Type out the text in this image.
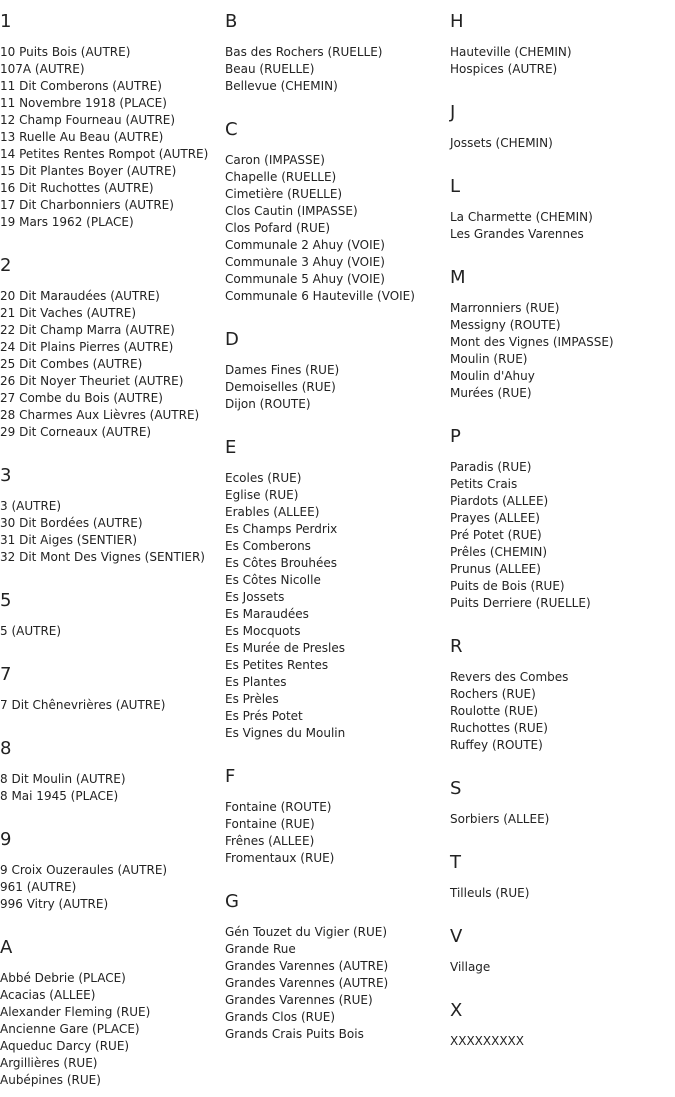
1
10 Puits Bois (AUTRE)
107A (AUTRE)
11 Dit Comberons (AUTRE)
11 Novembre 1918 (PLACE)
12 Champ Fourneau (AUTRE)
13 Ruelle Au Beau (AUTRE)
14 Petites Rentes Rompot (AUTRE)
15 Dit Plantes Boyer (AUTRE)
16 Dit Ruchottes (AUTRE)
17 Dit Charbonniers (AUTRE)
19 Mars 1962 (PLACE)
2
20 Dit Maraudées (AUTRE)
21 Dit Vaches (AUTRE)
22 Dit Champ Marra (AUTRE)
24 Dit Plains Pierres (AUTRE)
25 Dit Combes (AUTRE)
26 Dit Noyer Theuriet (AUTRE)
27 Combe du Bois (AUTRE)
28 Charmes Aux Lièvres (AUTRE)
29 Dit Corneaux (AUTRE)
3
3 (AUTRE)
30 Dit Bordées (AUTRE)
31 Dit Aiges (SENTIER)
32 Dit Mont Des Vignes (SENTIER)
5
5 (AUTRE)
7
7 Dit Chênevrières (AUTRE)
8
8 Dit Moulin (AUTRE)
8 Mai 1945 (PLACE)
9
9 Croix Ouzeraules (AUTRE)
961 (AUTRE)
996 Vitry (AUTRE)
A
Abbé Debrie (PLACE)
Acacias (ALLEE)
Alexander Fleming (RUE)
Ancienne Gare (PLACE)
Aqueduc Darcy (RUE)
Argillières (RUE)
Aubépines (RUE)
B
Bas des Rochers (RUELLE)
Beau (RUELLE)
Bellevue (CHEMIN)
C
Caron (IMPASSE)
Chapelle (RUELLE)
Cimetière (RUELLE)
Clos Cautin (IMPASSE)
Clos Pofard (RUE)
Communale 2 Ahuy (VOIE)
Communale 3 Ahuy (VOIE)
Communale 5 Ahuy (VOIE)
Communale 6 Hauteville (VOIE)
D
Dames Fines (RUE)
Demoiselles (RUE)
Dijon (ROUTE)
E
Ecoles (RUE)
Eglise (RUE)
Erables (ALLEE)
Es Champs Perdrix
Es Comberons
Es Côtes Brouhées
Es Côtes Nicolle
Es Jossets
Es Maraudées
Es Mocquots
Es Murée de Presles
Es Petites Rentes
Es Plantes
Es Prèles
Es Prés Potet
Es Vignes du Moulin
F
Fontaine (ROUTE)
Fontaine (RUE)
Frênes (ALLEE)
Fromentaux (RUE)
G
Gén Touzet du Vigier (RUE)
Grande Rue
Grandes Varennes (AUTRE)
Grandes Varennes (AUTRE)
Grandes Varennes (RUE)
Grands Clos (RUE)
Grands Crais Puits Bois
H
Hauteville (CHEMIN)
Hospices (AUTRE)
J
Jossets (CHEMIN)
L
La Charmette (CHEMIN)
Les Grandes Varennes
M
Marronniers (RUE)
Messigny (ROUTE)
Mont des Vignes (IMPASSE)
Moulin (RUE)
Moulin d'Ahuy
Murées (RUE)
P
Paradis (RUE)
Petits Crais
Piardots (ALLEE)
Prayes (ALLEE)
Pré Potet (RUE)
Prêles (CHEMIN)
Prunus (ALLEE)
Puits de Bois (RUE)
Puits Derriere (RUELLE)
R
Revers des Combes
Rochers (RUE)
Roulotte (RUE)
Ruchottes (RUE)
Ruffey (ROUTE)
S
Sorbiers (ALLEE)
T
Tilleuls (RUE)
V
Village
X
XXXXXXXXX
